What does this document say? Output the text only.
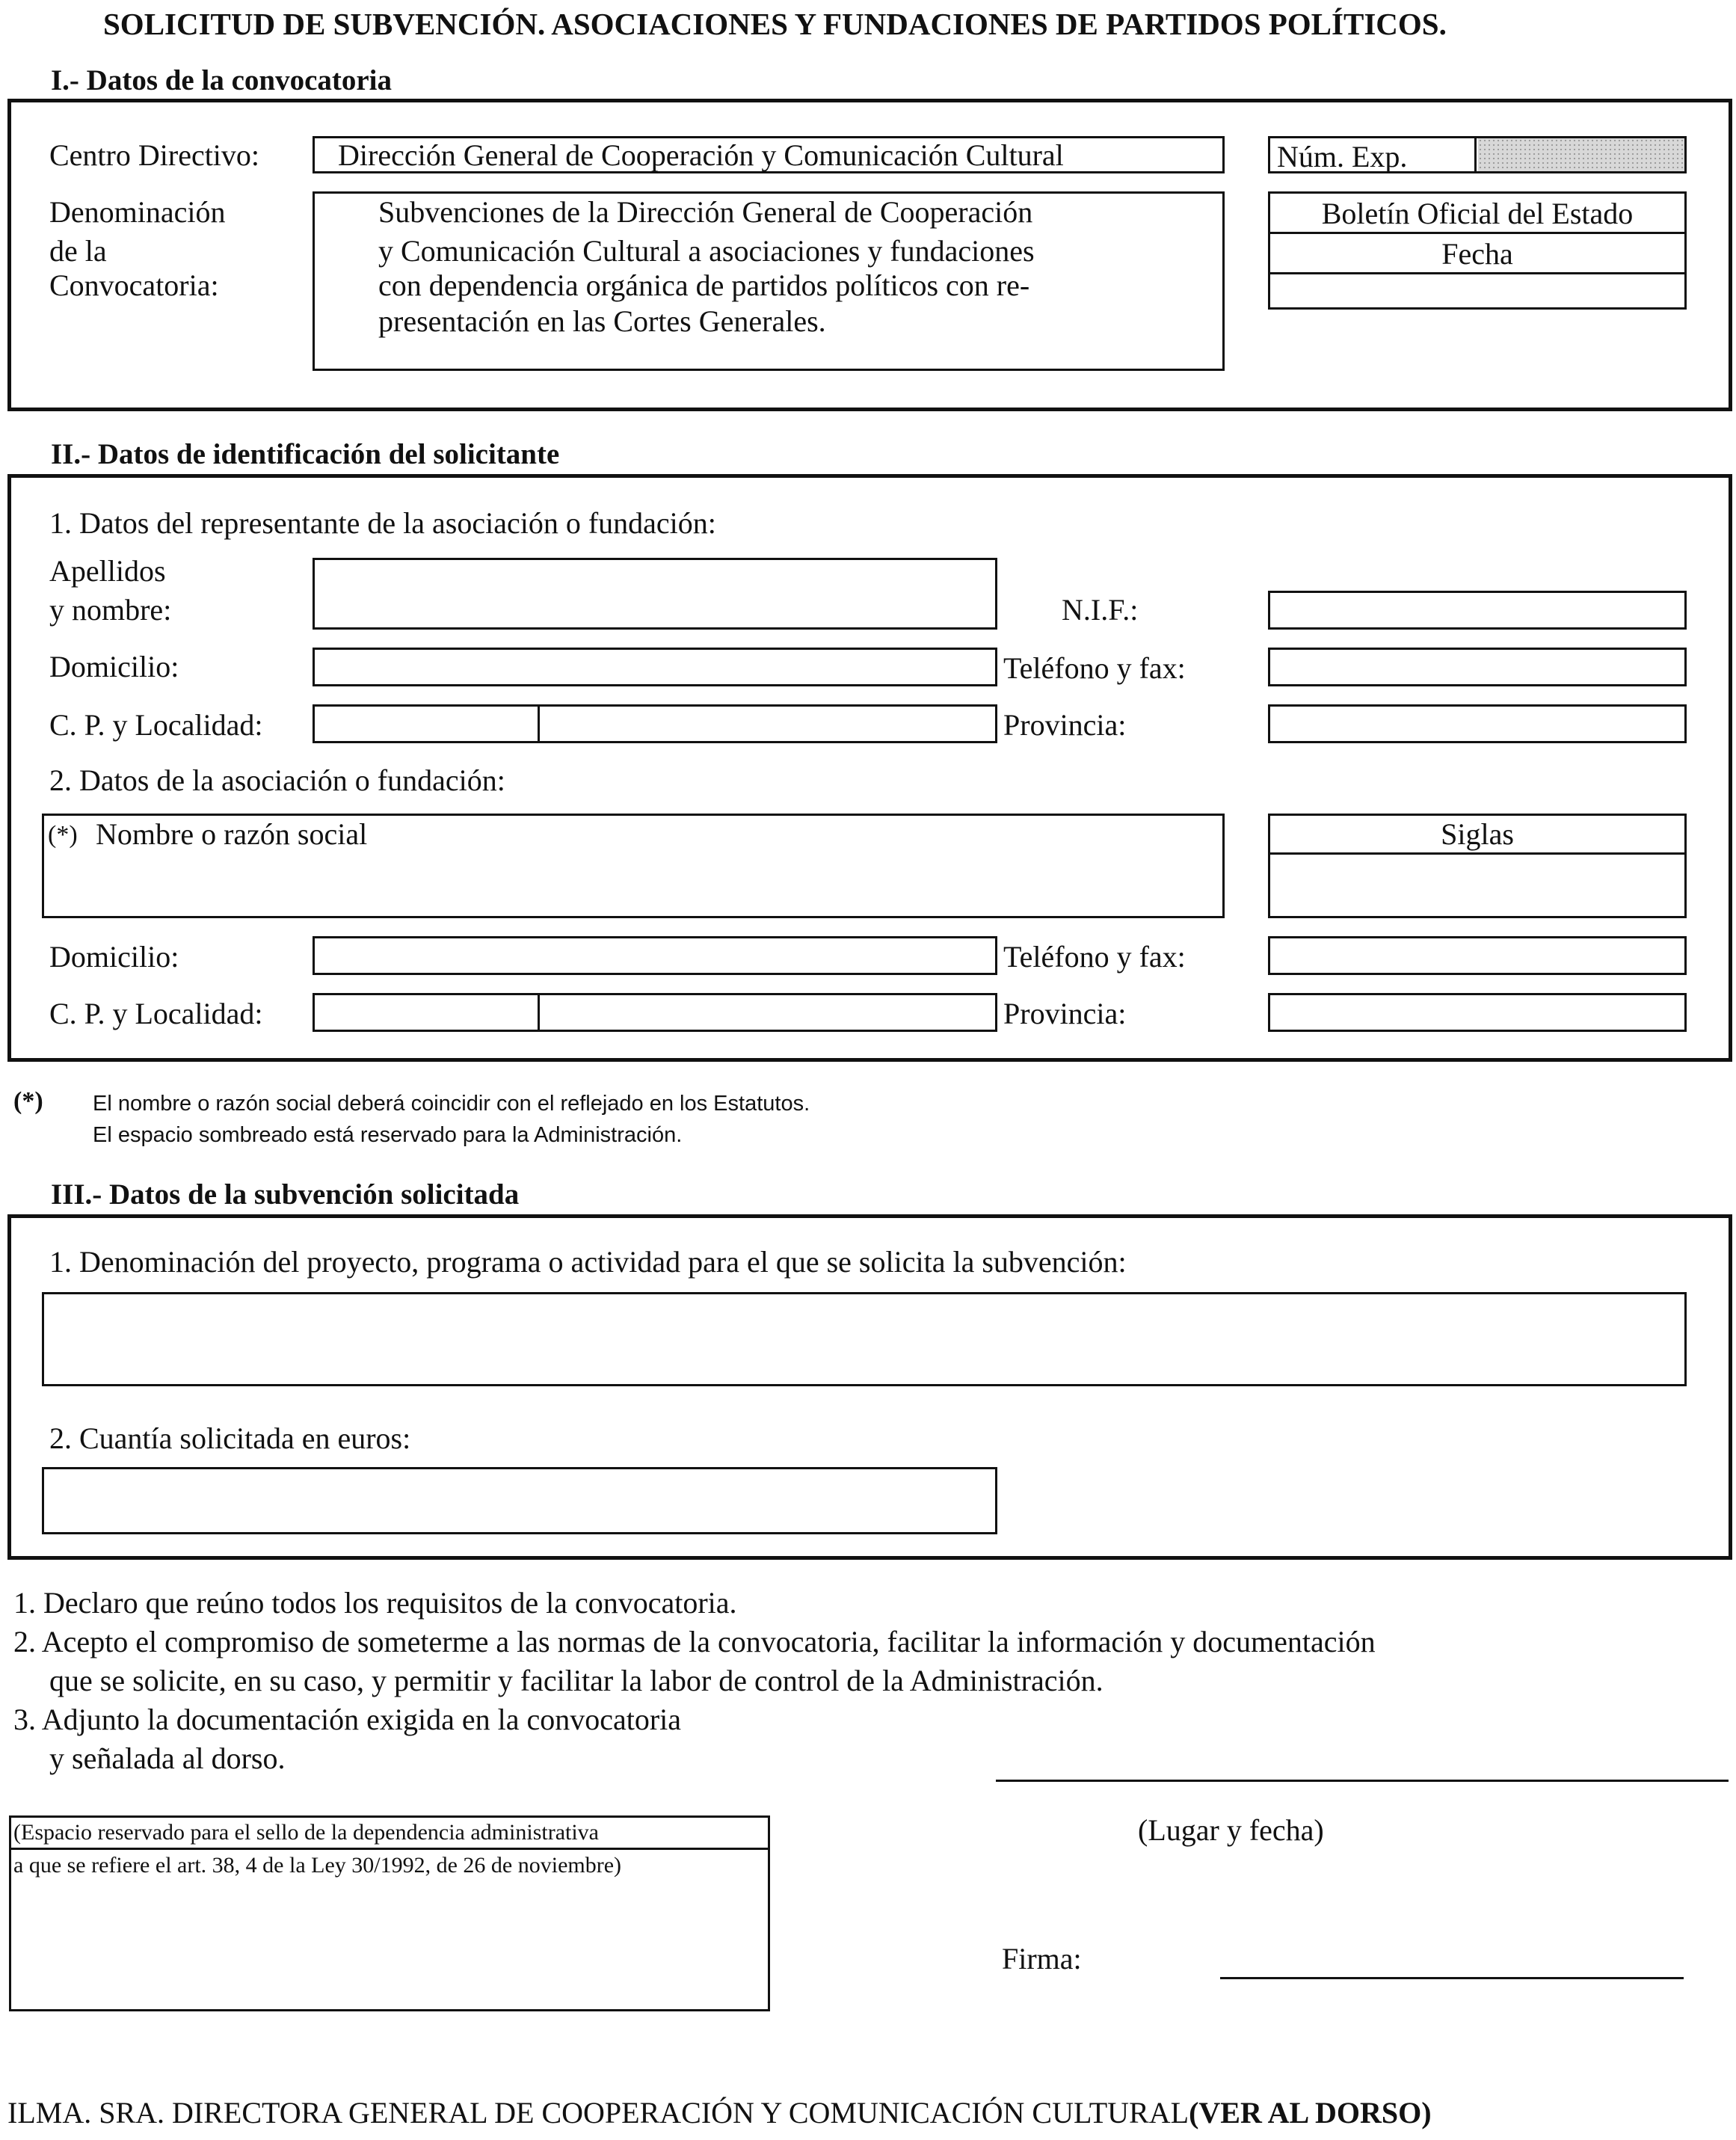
SOLICITUD DE SUBVENCIÓN. ASOCIACIONES Y FUNDACIONES DE PARTIDOS POLÍTICOS.
I.- Datos de la convocatoria
Centro Directivo:	Dirección General de Cooperación y Comunicación Cultural	Núm. Exp.
Denominación
de la
Convocatoria:
Subvenciones de la Dirección General de Cooperación
y Comunicación Cultural a asociaciones y fundaciones
con dependencia orgánica de partidos políticos con re-
presentación en las Cortes Generales.
Boletín Oficial del Estado
Fecha
II.- Datos de identificación del solicitante
1. Datos del representante de la asociación o fundación:
Apellidos
y nombre:	N.I.F.:
Domicilio:	Teléfono y fax:
C. P. y Localidad:	Provincia:
2. Datos de la asociación o fundación:
(*) Nombre o razón social	Siglas
Domicilio:	Teléfono y fax:
C. P. y Localidad:	Provincia:
(*) El nombre o razón social deberá coincidir con el reflejado en los Estatutos.
El espacio sombreado está reservado para la Administración.
III.- Datos de la subvención solicitada
1. Denominación del proyecto, programa o actividad para el que se solicita la subvención:
2. Cuantía solicitada en euros:
1. Declaro que reúno todos los requisitos de la convocatoria.
2. Acepto el compromiso de someterme a las normas de la convocatoria, facilitar la información y documentación
que se solicite, en su caso, y permitir y facilitar la labor de control de la Administración.
3. Adjunto la documentación exigida en la convocatoria
y señalada al dorso.
(Lugar y fecha)
(Espacio reservado para el sello de la dependencia administrativa
a que se refiere el art. 38, 4 de la Ley 30/1992, de 26 de noviembre)
Firma:
ILMA. SRA. DIRECTORA GENERAL DE COOPERACIÓN Y COMUNICACIÓN CULTURAL(VER AL DORSO)
